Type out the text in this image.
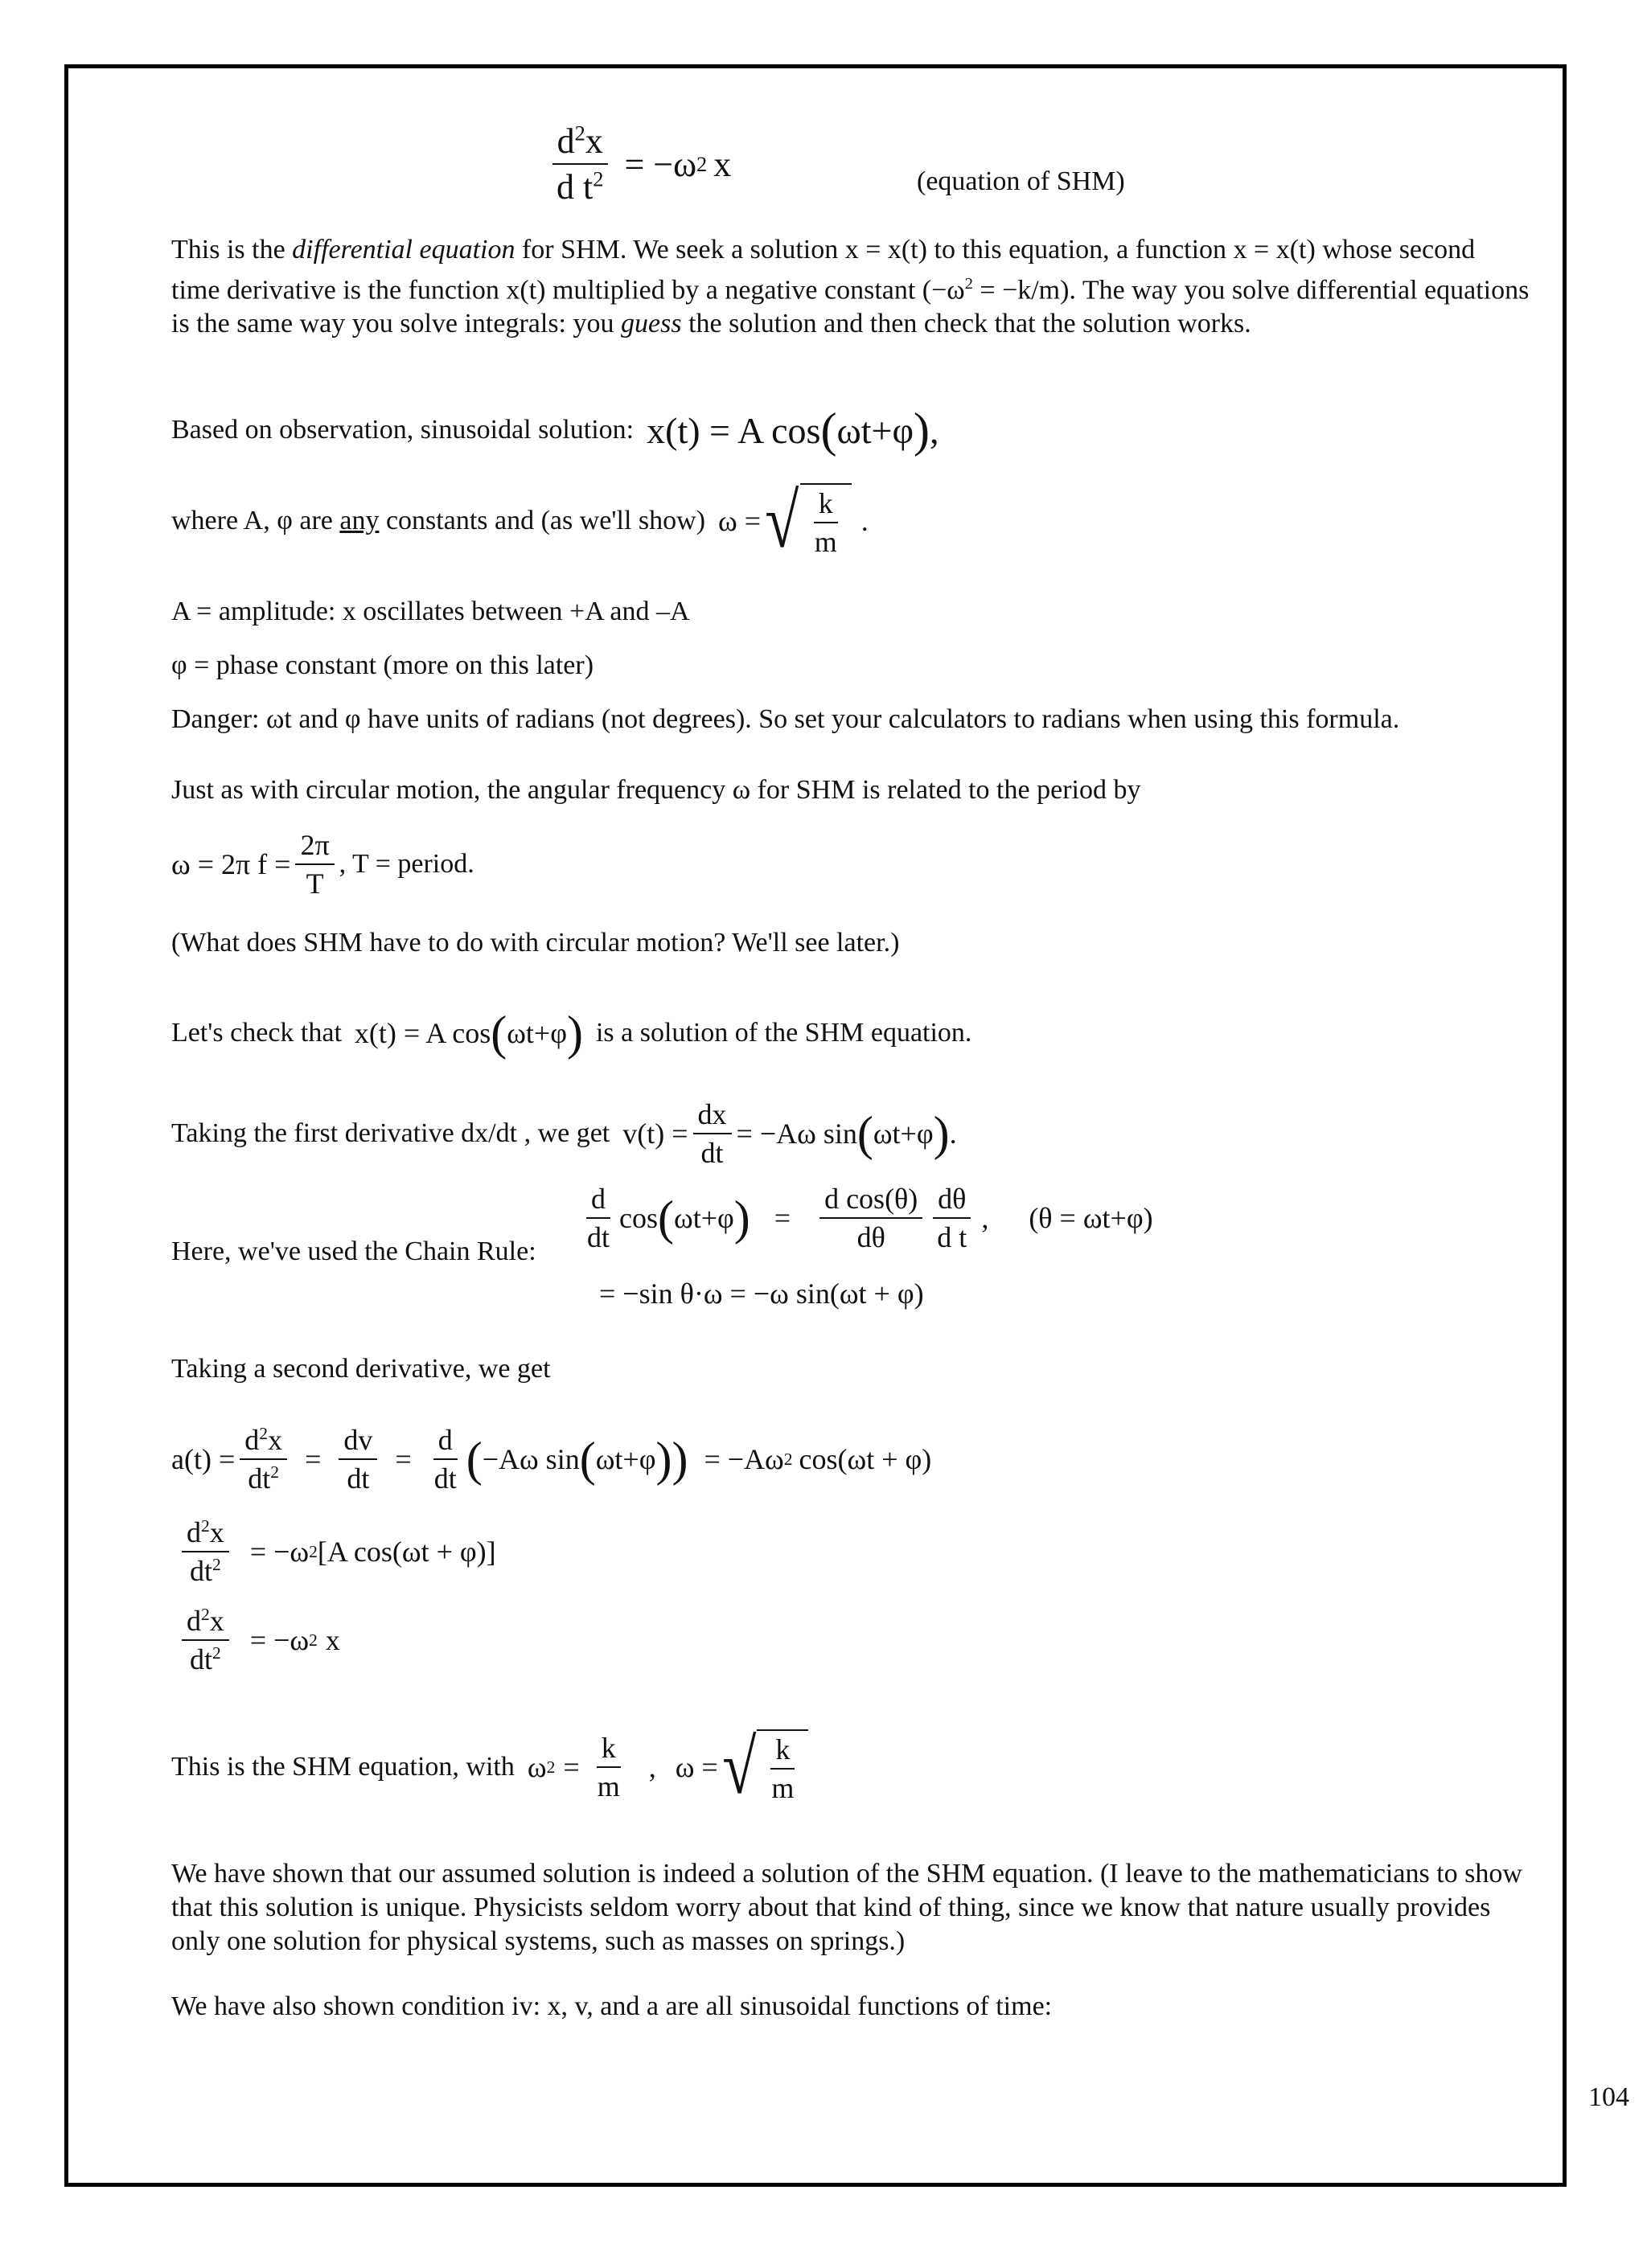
$\frac{d^2x}{d t^2} = -\omega$ 2 x	(equation of SHM)
This is the differential equation for SHM. We seek a solution x = x(t) to this equation, a function x = x(t) whose second time derivative is the function x(t) multiplied by a negative constant $(-\omega^2 = -k/m)$. The way you solve differential equations is the same way you solve integrals: you guess the solution and then check that the solution works.
Based on observation, sinusoidal solution: x(t) = A cos ( ωt+φ ) ,
where A, φ are any constants and (as we'll show) ω = √ $\frac{k}{m}$ .
A = amplitude: x oscillates between +A and –A
φ = phase constant (more on this later)
Danger: ωt and φ have units of radians (not degrees). So set your calculators to radians when using this formula.
Just as with circular motion, the angular frequency ω for SHM is related to the period by
ω = 2π $f = \frac{2\pi}{T}$ , T = period.
(What does SHM have to do with circular motion? We'll see later.)
Let's check that x(t) = A cos ( ωt+φ ) is a solution of the SHM equation.
Taking the first derivative dx/dt , we get $v(t) = \frac{dx}{dt} = -A\omega$ sin ( ωt+φ ) .
Here, we've used the Chain Rule: $\frac{d}{dt}$ cos ( ωt+φ ) = $\frac{\text{d cos(θ)}}{d\theta} \frac{d\theta}{\text{d t}}$ , (θ = ωt+φ)
= −sin θ·ω = −ω sin(ωt + φ)
Taking a second derivative, we get
$a(t) = \frac{d^2x}{dt^2} = \frac{dv}{dt} = \frac{d}{dt}$ ( −Aω sin ( ωt+φ ) ) = −Aω 2 cos(ωt + φ)
$\frac{d^2x}{dt^2} = -\omega$ 2 [A cos(ωt + φ)]
$\frac{d^2x}{dt^2} = -\omega$ 2 x
This is the SHM equation, with ω $2 = \frac{k}{m}$ , ω = √ $\frac{k}{m}$
We have shown that our assumed solution is indeed a solution of the SHM equation. (I leave to the mathematicians to show that this solution is unique. Physicists seldom worry about that kind of thing, since we know that nature usually provides only one solution for physical systems, such as masses on springs.)
We have also shown condition iv: x, v, and a are all sinusoidal functions of time:
104
